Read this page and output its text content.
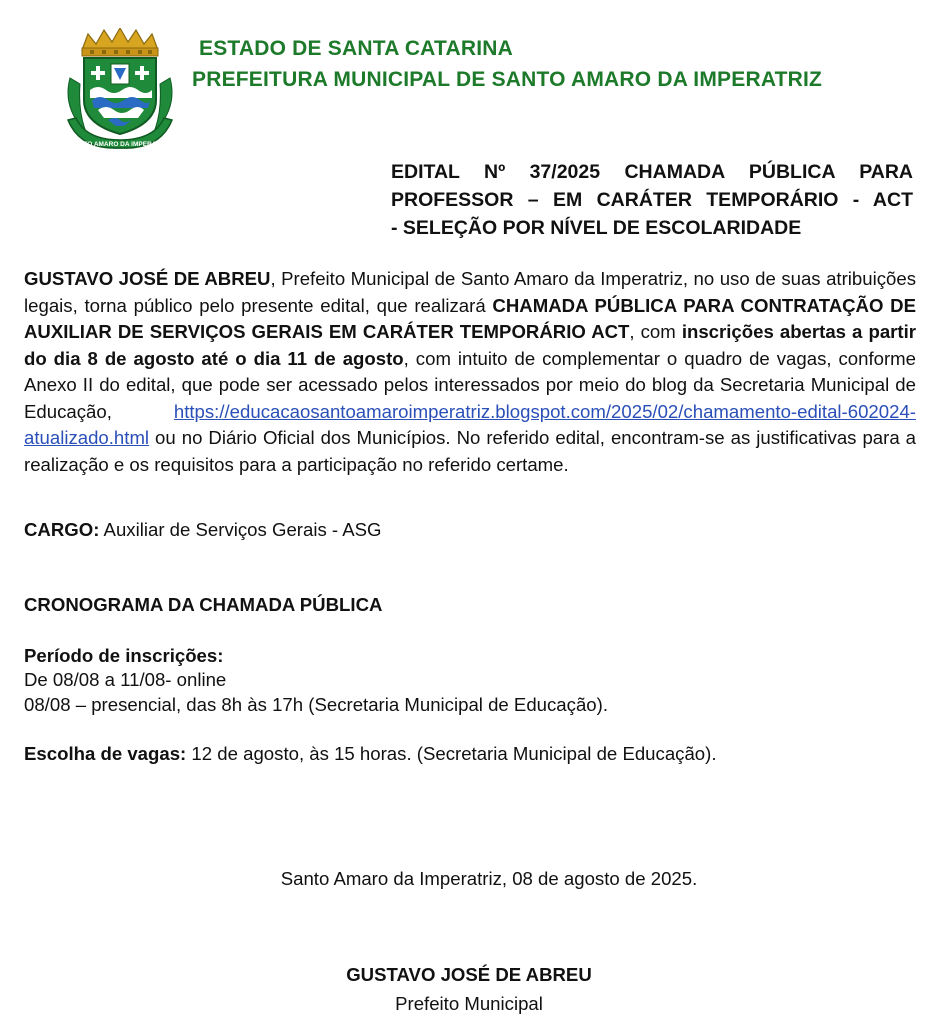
SANTO AMARO DA IMPERATRIZ
ESTADO DE SANTA CATARINA
PREFEITURA MUNICIPAL DE SANTO AMARO DA IMPERATRIZ
EDITAL Nº 37/2025 CHAMADA PÚBLICA PARA
PROFESSOR – EM CARÁTER TEMPORÁRIO - ACT
- SELEÇÃO POR NÍVEL DE ESCOLARIDADE
GUSTAVO JOSÉ DE ABREU, Prefeito Municipal de Santo Amaro da Imperatriz, no uso de suas atribuições legais, torna público pelo presente edital, que realizará CHAMADA PÚBLICA PARA CONTRATAÇÃO DE AUXILIAR DE SERVIÇOS GERAIS EM CARÁTER TEMPORÁRIO ACT, com inscrições abertas a partir do dia 8 de agosto até o dia 11 de agosto, com intuito de complementar o quadro de vagas, conforme Anexo II do edital, que pode ser acessado pelos interessados por meio do blog da Secretaria Municipal de Educação, https://educacaosantoamaroimperatriz.blogspot.com/2025/02/chamamento-edital-602024-atualizado.html ou no Diário Oficial dos Municípios. No referido edital, encontram-se as justificativas para a realização e os requisitos para a participação no referido certame.
CARGO: Auxiliar de Serviços Gerais - ASG
CRONOGRAMA DA CHAMADA PÚBLICA
Período de inscrições:
De 08/08 a 11/08- online
08/08 – presencial, das 8h às 17h (Secretaria Municipal de Educação).
Escolha de vagas: 12 de agosto, às 15 horas. (Secretaria Municipal de Educação).
Santo Amaro da Imperatriz, 08 de agosto de 2025.
GUSTAVO JOSÉ DE ABREU
Prefeito Municipal
